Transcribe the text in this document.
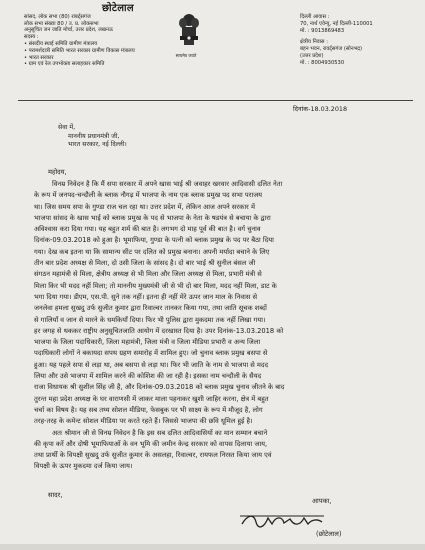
छोटेलाल
सांसद, लोक सभा (80) राबर्ट्सगंज
लोक सभा संख्या 80 / उ. प्र. लोकसभा
अनुसूचित जन जाति मोर्चा, उत्तर प्रदेश, लखनऊ
सदस्य :
• संसदीय स्थाई समिति ग्रामीण मंत्रालय
• परामर्शदात्री समिति भारत सरकार ग्रामीण विकास मंत्रालय
• भारत सरकार
• ग्राम एवं रेल उपभोक्ता सलाहकार समिति
सत्यमेव जयते
दिल्ली आवास :
70, नार्थ एवेन्यू, नई दिल्ली-110001
मो. : 9013869483
क्षेत्रीय निवास :
बहन भवन, रावर्ट्सगंज (सोनभद्र)
(उत्तर प्रदेश)
मो. : 8004930530
दिनांक-18.03.2018
सेवा में,
माननीय प्रधानमंत्री जी,
भारत सरकार, नई दिल्ली।
महोदय,
विनम्र निवेदन है कि मैं सपा सरकार में अपने खास भाई श्री जवाहर खरवार आदिवासी दलित नेता
के रूप में जनपद-चन्दौली के ब्लाक नौगढ़ में भाजपा के नाम एक ब्लाक प्रमुख पद सभा पराजय
था। जिस समय सपा के गुण्डा राज चल रहा था। उत्तर प्रदेश में, लेकिन आज अपने सरकार में
भाजपा सांसद के खास भाई को ब्लाक प्रमुख के पद से भाजपा के नेता के षडयंत्र से बचाया के द्वारा
अविश्वास करा दिया गया। यह बहुत शर्म की बात है। लगभग दो माह पूर्व की बात है। वर्ग चुनाव
दिनांक-09.03.2018 को हुआ है। भूमाफिया, गुण्डा के पत्नी को ब्लाक प्रमुख के पद पर बैठा दिया
गया। देख कब इतना था कि सामान्य सीट पर दलित को प्रमुख बनाना। अपनी मर्यादा बचाने के लिए
तीन बार प्रदेश अध्यक्ष से मिला, दो उसी जिला के सांसद है। दो बार भाई श्री सुनील बंसल जी
संगठन महामंत्री से मिला, क्षेत्रीय अध्यक्ष से भी मिला और जिला अध्यक्ष से मिला, प्रभारी मंत्री से
मिला किर भी मदद नहीं मिला; तो माननीय मुख्यमंत्री जी से भी दो बार मिला, मदद नहीं मिला, डाट के
भगा दिया गया। डीएम, एस.पी. सुने तक नहीं। इतना ही नहीं मेरे ऊपर जान माल के निवास से
जनलेवा हमला सुखदु उर्फ सुजीत कुमार द्वारा रिवाल्वर तानकर किया गया, तथा जाति सूचक शब्दों
से गालियाँ व जान से मारने के धमकियाँ दिया। फिर भी पुलिस द्वारा मुकदमा तक नहीं लिखा गया।
हर जगह से थककर राष्ट्रीय अनुसूचितजाति आयोग में दरखास्त दिया है। उपर दिनांक-13.03.2018 को
भाजपा के जिला पदाधिकारी, जिला महामंत्री, जिला मंत्री व जिला मीडिया प्रभारी व अन्य जिला
पदाधिकारी लोगों ने बकायदा सपथ ग्रहण समारोह में शामिल हुए। जो चुनाव ब्लाक प्रमुख बसपा से
हुआ। यह पहले सपा से लड़ा था, अब बसपा से लड़ा था। फिर भी जाति के नाम से भाजपा से मदद
लिया और उसे भाजपा में शामिल करने की कोशिश की जा रही है। इसका नाम चन्दौली के सैयद
राजा विधायक श्री सुशील सिंह जी है, और दिनांक-09.03.2018 को ब्लाक प्रमुख चुनाव जीतने के बाद
तुरन्त महा प्रदेश अध्यक्ष के घर वाराणसी में जाकर माला पहनाकर खुशी जाहिर करना, क्षेत्र में बहुत
चर्चा का विषय है। यह सब तथ्य सोशल मीडिया, फेसबुक पर भी साक्ष्य के रूप में मौजूद है, लोग
तरह-तरह के कमेन्ट सोशल मीडिया पर करते रहते हैं। जिससे भाजपा की छवि धूमिल हुई है।
अतः श्रीमान जी से विनम्र निवेदन है कि इस सब दलित आदिवासियों का मान सम्मान बचाने
की कृपा करें और दोषी भूमाफियाओं के वन भूमि की जमीन केन्द्र सरकार को वापस दिलाया जाय,
तथा प्रार्थी के विपक्षी सुखदु उर्फ सुजीत कुमार के असलहा, रिवाल्वर, रायफल निरस्त किया जाय एवं
विपक्षी के ऊपर मुकदमा दर्ज किया जाय।
सादर,
आपका,
(छोटेलाल)
